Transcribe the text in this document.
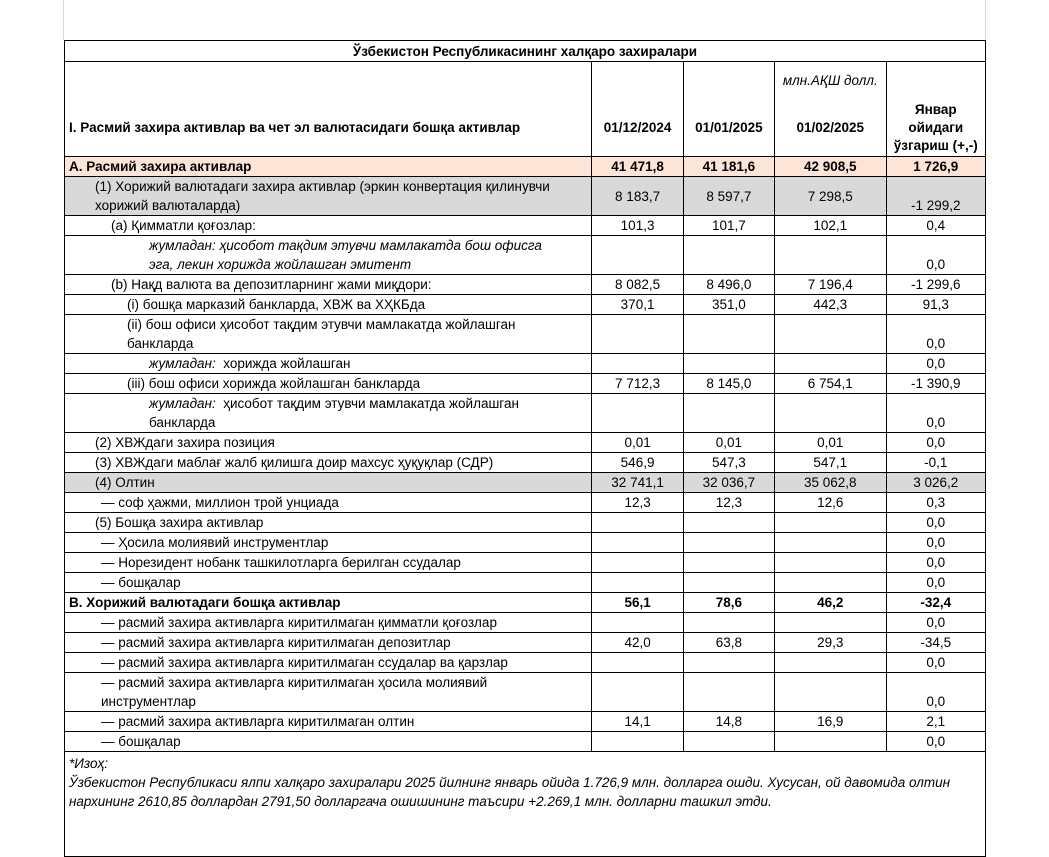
Ўзбекистон Республикасининг халқаро захиралари				
			млн.АҚШ долл.	
I. Расмий захира активлар ва чет эл валютасидаги бошқа активлар	01/12/2024	01/01/2025	01/02/2025	Январ ойидаги ўзгариш (+,-)
A. Расмий захира активлар	41 471,8	41 181,6	42 908,5	1 726,9
(1) Хорижий валютадаги захира активлар (эркин конвертация қилинувчи хорижий валюталарда)	8 183,7	8 597,7	7 298,5	-1 299,2
(a) Қимматли қоғозлар:	101,3	101,7	102,1	0,4
жумладан: ҳисобот тақдим этувчи мамлакатда бош офисга эга, лекин хорижда жойлашган эмитент				0,0
(b) Нақд валюта ва депозитларнинг жами миқдори:	8 082,5	8 496,0	7 196,4	-1 299,6
(i) бошқа марказий банкларда, ХВЖ ва ХҲКБда	370,1	351,0	442,3	91,3
(ii) бош офиси ҳисобот тақдим этувчи мамлакатда жойлашган банкларда				0,0
жумладан: хорижда жойлашган				0,0
(iii) бош офиси хорижда жойлашган банкларда	7 712,3	8 145,0	6 754,1	-1 390,9
жумладан: ҳисобот тақдим этувчи мамлакатда жойлашган банкларда				0,0
(2) ХВЖдаги захира позиция	0,01	0,01	0,01	0,0
(3) ХВЖдаги маблағ жалб қилишга доир махсус ҳуқуқлар (СДР)	546,9	547,3	547,1	-0,1
(4) Олтин	32 741,1	32 036,7	35 062,8	3 026,2
— соф ҳажми, миллион трой унциада	12,3	12,3	12,6	0,3
(5) Бошқа захира активлар				0,0
— Ҳосила молиявий инструментлар				0,0
— Норезидент нобанк ташкилотларга берилган ссудалар				0,0
— бошқалар				0,0
B. Хорижий валютадаги бошқа активлар	56,1	78,6	46,2	-32,4
— расмий захира активларга киритилмаган қимматли қоғозлар				0,0
— расмий захира активларга киритилмаган депозитлар	42,0	63,8	29,3	-34,5
— расмий захира активларга киритилмаган ссудалар ва қарзлар				0,0
— расмий захира активларга киритилмаган ҳосила молиявий инструментлар				0,0
— расмий захира активларга киритилмаган олтин	14,1	14,8	16,9	2,1
— бошқалар				0,0

*Изоҳ:
Ўзбекистон Республикаси ялпи халқаро захиралари 2025 йилнинг январь ойида 1.726,9 млн. долларга ошди. Хусусан, ой давомида олтин нархининг 2610,85 доллардан 2791,50 долларгача ошишининг таъсири +2.269,1 млн. долларни ташкил этди.				
